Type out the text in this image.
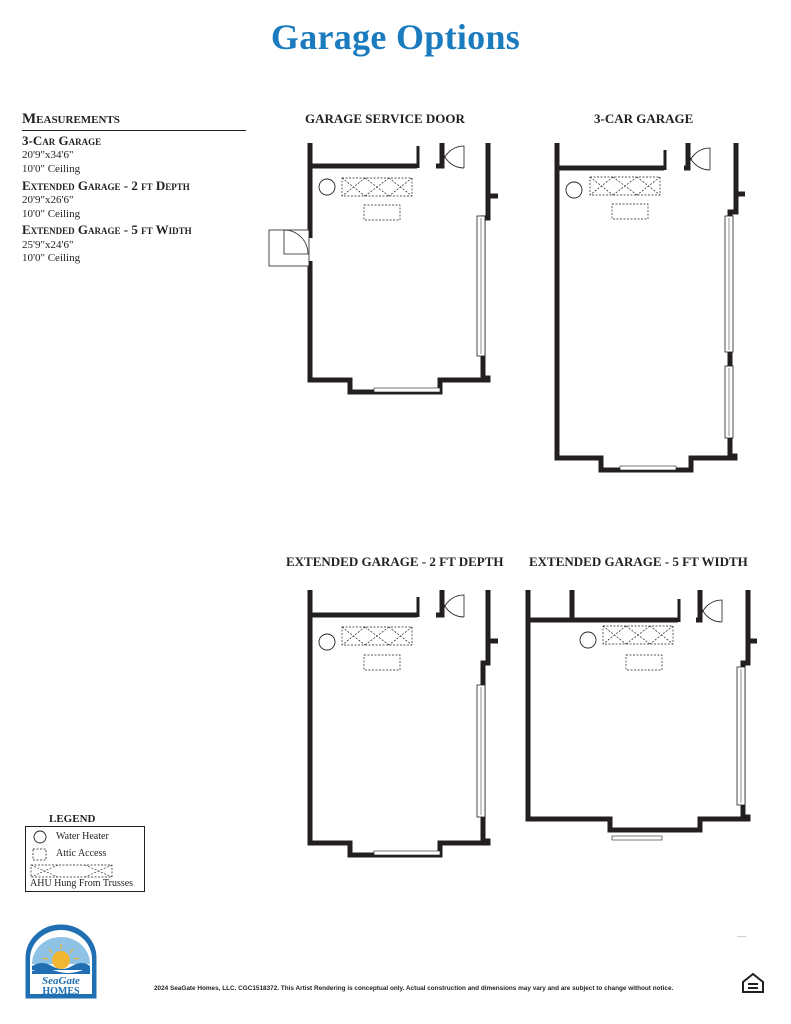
Garage Options
Measurements
3-Car Garage
20'9"x34'6"
10'0" Ceiling
Extended Garage - 2 ft Depth
20'9"x26'6"
10'0" Ceiling
Extended Garage - 5 ft Width
25'9"x24'6"
10'0" Ceiling
GARAGE SERVICE DOOR	3-CAR GARAGE
EXTENDED GARAGE - 2 FT DEPTH EXTENDED GARAGE - 5 FT WIDTH
LEGEND
Water Heater
Attic Access
AHU Hung From Trusses
SeaGate
HOMES	2024 SeaGate Homes, LLC. CGC1518372. This Artist Rendering is conceptual only. Actual construction and dimensions may vary and are subject to change without notice.
~~~~
